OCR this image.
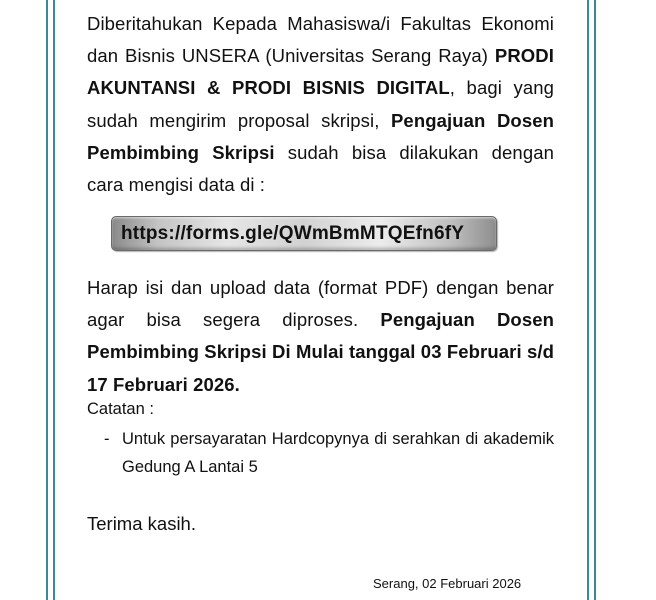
Diberitahukan Kepada Mahasiswa/i Fakultas Ekonomi dan Bisnis UNSERA (Universitas Serang Raya) PRODI AKUNTANSI & PRODI BISNIS DIGITAL, bagi yang sudah mengirim proposal skripsi, Pengajuan Dosen Pembimbing Skripsi sudah bisa dilakukan dengan cara mengisi data di :

https://forms.gle/QWmBmMTQEfn6fY

Harap isi dan upload data (format PDF) dengan benar agar bisa segera diproses. Pengajuan Dosen Pembimbing Skripsi Di Mulai tanggal 03 Februari s/d 17 Februari 2026.

Catatan :
- Untuk persayaratan Hardcopynya di serahkan di akademik Gedung A Lantai 5
Terima kasih.
Serang, 02 Februari 2026
